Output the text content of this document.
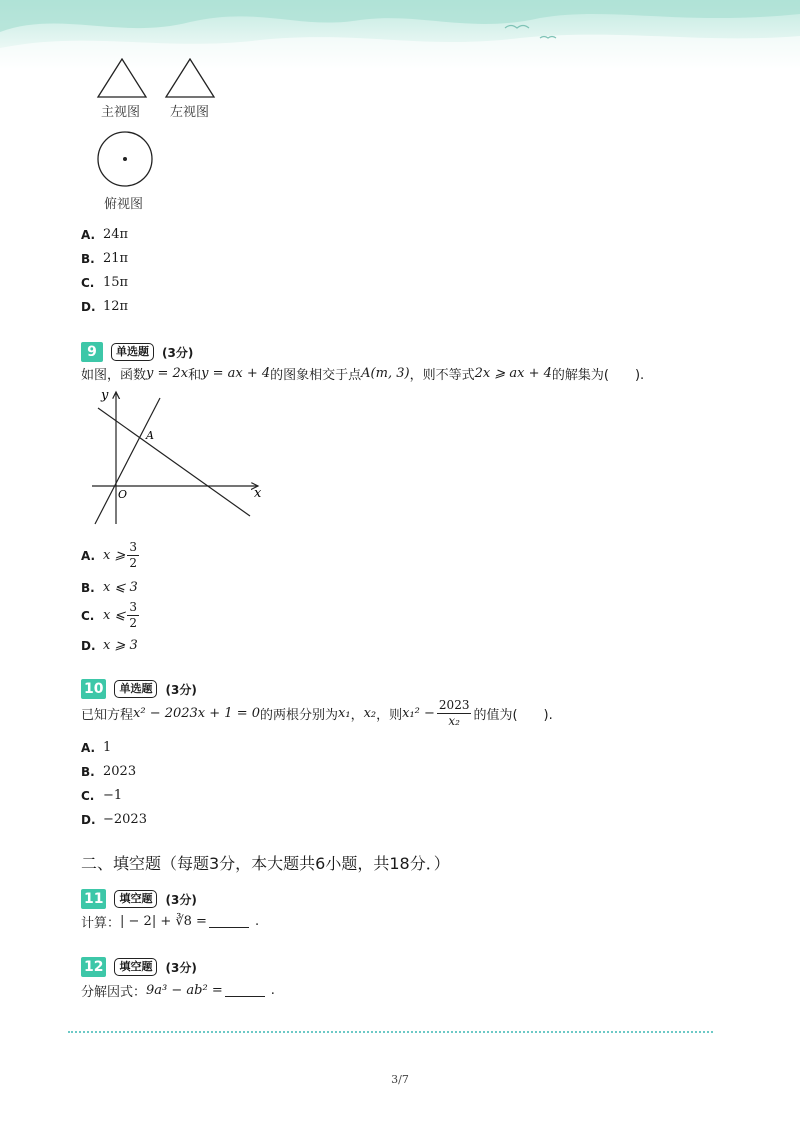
主视图 左视图
俯视图
A. 24π
B. 21π
C. 15π
D. 12π
9	单选题	(3分)
如图，函数 y = 2x 和 y = ax + 4 的图象相交于点 A(m, 3) ，则不等式 2x ⩾ ax + 4 的解集为(　　).
y
x
O
A
A. x ⩾ $\frac{3}{2}$
B. x ⩽ 3
C. x ⩽ $\frac{3}{2}$
D. x ⩾ 3
10	单选题	(3分)
已知方程 x² − 2023x + 1 = 0 的两根分别为 x₁ ， x₂ ，则 $x_1^2 - \frac{2023}{\text{x₂}}$ 的值为(　　).
A. 1
B. 2023
C. −1
D. −2023
二、填空题（每题3分，本大题共6小题，共18分．）
11	填空题	(3分)
计算： | − 2| + ∛8 =	.
12	填空题	(3分)
分解因式： 9a³ − ab² =	.
3/7
